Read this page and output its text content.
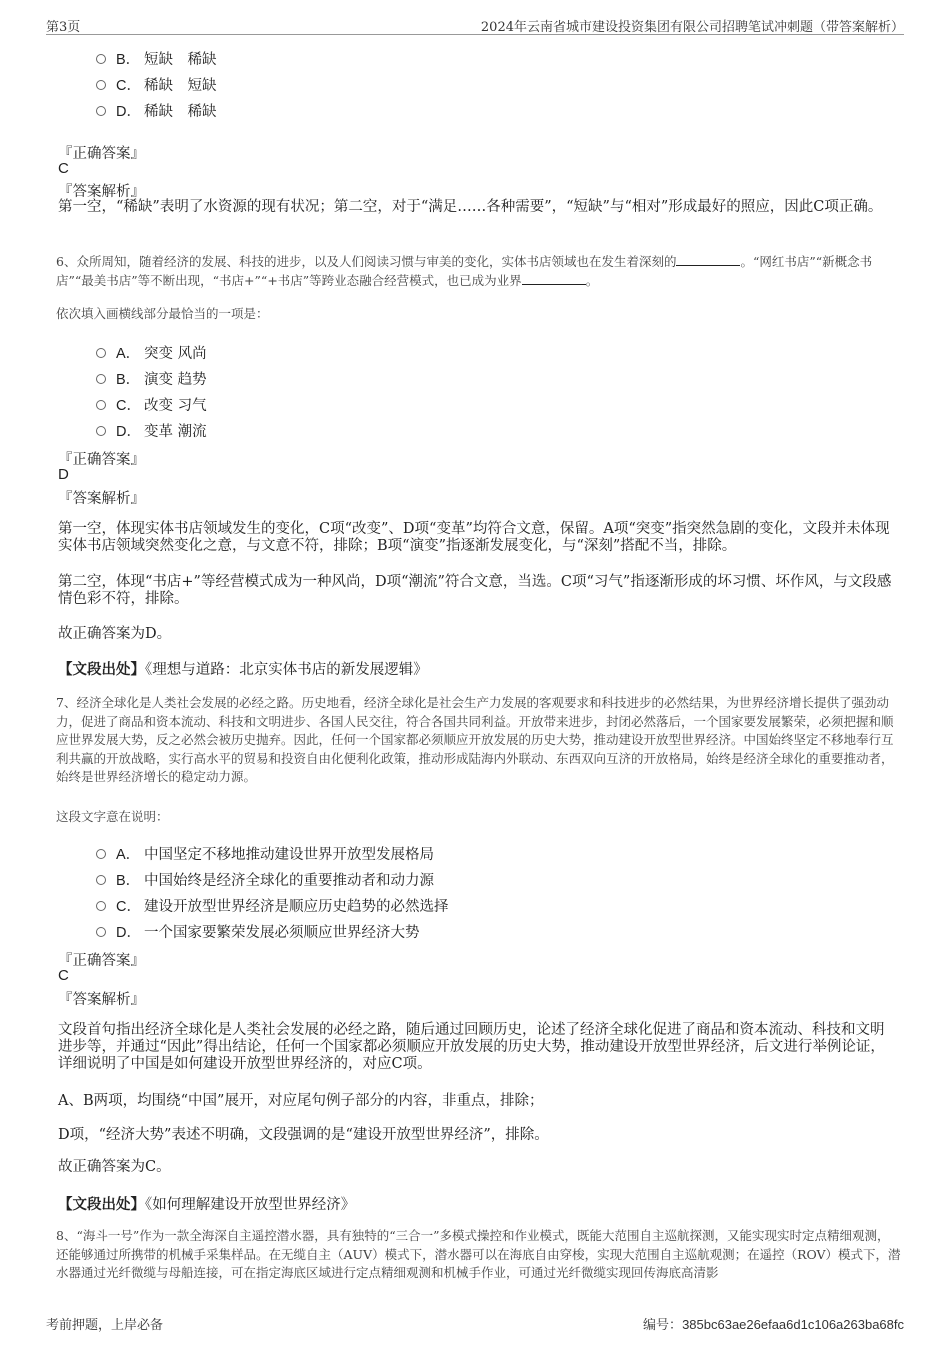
第3页	2024年云南省城市建设投资集团有限公司招聘笔试冲刺题（带答案解析）
B． 短缺　稀缺
C． 稀缺　短缺
D． 稀缺　稀缺
『正确答案』
C
『答案解析』
第一空，“稀缺”表明了水资源的现有状况；第二空，对于“满足……各种需要”，“短缺”与“相对”形成最好的照应，因此C项正确。
6、众所周知，随着经济的发展、科技的进步，以及人们阅读习惯与审美的变化，实体书店领域也在发生着深刻的	。“网红书店”“新概念书店”“最美书店”等不断出现，“书店+”“+书店”等跨业态融合经营模式，也已成为业界	。
依次填入画横线部分最恰当的一项是：
A． 突变 风尚
B． 演变 趋势
C． 改变 习气
D． 变革 潮流
『正确答案』
D
『答案解析』
第一空，体现实体书店领域发生的变化，C项“改变”、D项“变革”均符合文意，保留。A项“突变”指突然急剧的变化，文段并未体现实体书店领域突然变化之意，与文意不符，排除；B项“演变”指逐渐发展变化，与“深刻”搭配不当，排除。
第二空，体现“书店+”等经营模式成为一种风尚，D项“潮流”符合文意，当选。C项“习气”指逐渐形成的坏习惯、坏作风，与文段感情色彩不符，排除。
故正确答案为D。
【文段出处】《理想与道路：北京实体书店的新发展逻辑》
7、经济全球化是人类社会发展的必经之路。历史地看，经济全球化是社会生产力发展的客观要求和科技进步的必然结果，为世界经济增长提供了强劲动力，促进了商品和资本流动、科技和文明进步、各国人民交往，符合各国共同利益。开放带来进步，封闭必然落后，一个国家要发展繁荣，必须把握和顺应世界发展大势，反之必然会被历史抛弃。因此，任何一个国家都必须顺应开放发展的历史大势，推动建设开放型世界经济。中国始终坚定不移地奉行互利共赢的开放战略，实行高水平的贸易和投资自由化便利化政策，推动形成陆海内外联动、东西双向互济的开放格局，始终是经济全球化的重要推动者，始终是世界经济增长的稳定动力源。
这段文字意在说明：
A． 中国坚定不移地推动建设世界开放型发展格局
B． 中国始终是经济全球化的重要推动者和动力源
C． 建设开放型世界经济是顺应历史趋势的必然选择
D． 一个国家要繁荣发展必须顺应世界经济大势
『正确答案』
C
『答案解析』
文段首句指出经济全球化是人类社会发展的必经之路，随后通过回顾历史，论述了经济全球化促进了商品和资本流动、科技和文明进步等，并通过“因此”得出结论，任何一个国家都必须顺应开放发展的历史大势，推动建设开放型世界经济，后文进行举例论证，详细说明了中国是如何建设开放型世界经济的，对应C项。
A、B两项，均围绕“中国”展开，对应尾句例子部分的内容，非重点，排除；
D项，“经济大势”表述不明确，文段强调的是“建设开放型世界经济”，排除。
故正确答案为C。
【文段出处】《如何理解建设开放型世界经济》
8、“海斗一号”作为一款全海深自主遥控潜水器，具有独特的“三合一”多模式操控和作业模式，既能大范围自主巡航探测，又能实现实时定点精细观测，还能够通过所携带的机械手采集样品。在无缆自主（AUV）模式下，潜水器可以在海底自由穿梭，实现大范围自主巡航观测；在遥控（ROV）模式下，潜水器通过光纤微缆与母船连接，可在指定海底区域进行定点精细观测和机械手作业，可通过光纤微缆实现回传海底高清影
考前押题，上岸必备	编号：385bc63ae26efaa6d1c106a263ba68fc
